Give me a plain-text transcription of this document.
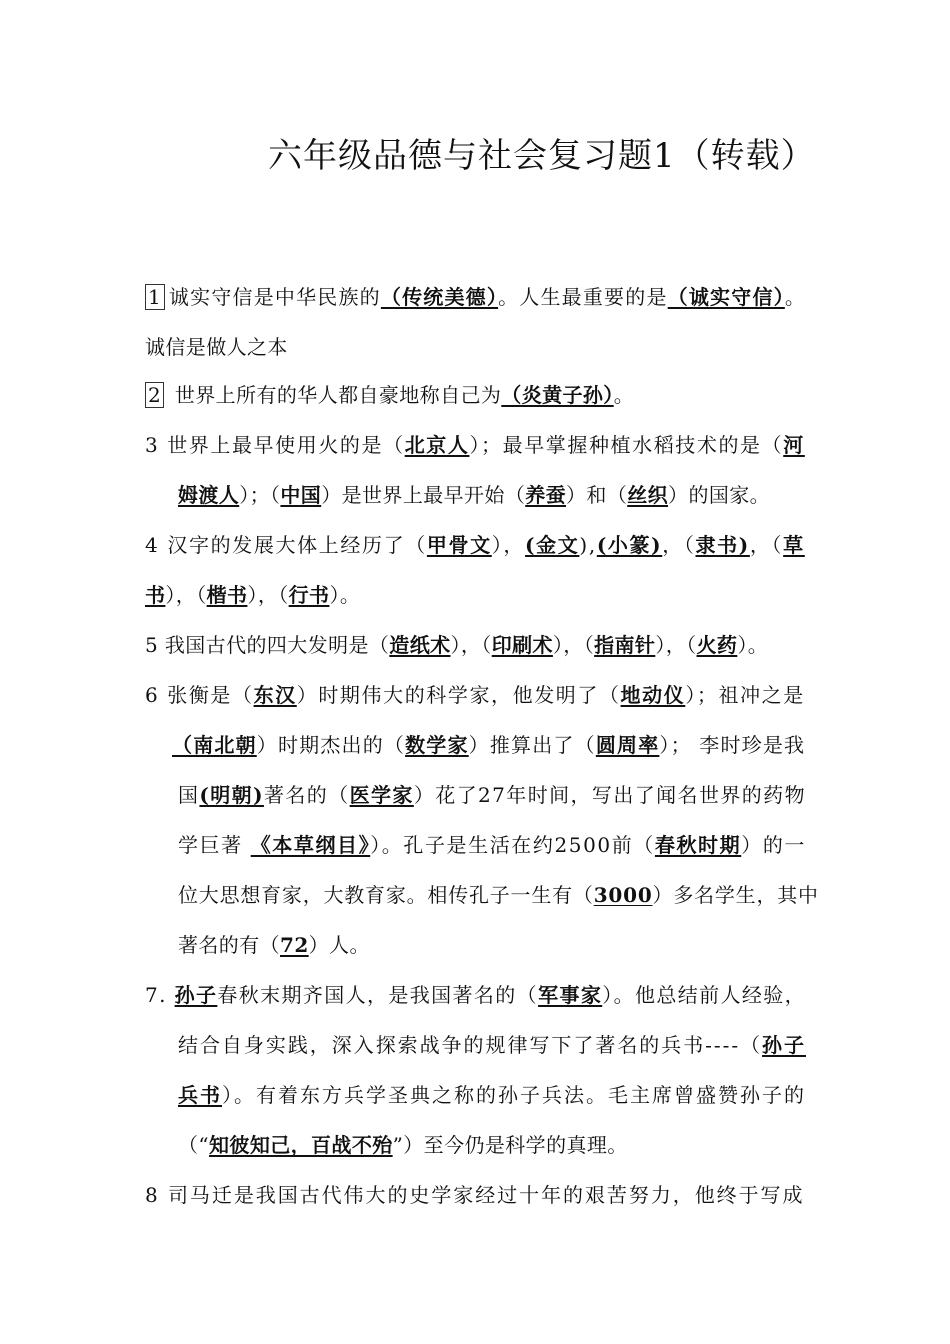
六年级品德与社会复习题1（转载）
1 诚实守信是中华民族的（传统美德）。人生最重要的是（诚实守信）。
诚信是做人之本
2 世界上所有的华人都自豪地称自己为（炎黄子孙）。
3 世界上最早使用火的是（北京人）；最早掌握种植水稻技术的是（河
姆渡人）；（中国）是世界上最早开始（养蚕）和（丝织）的国家。
4 汉字的发展大体上经历了（甲骨文），(金文),(小篆)，（隶书)，（草
书），（楷书），（行书）。
5 我国古代的四大发明是（造纸术），（印刷术），（指南针），（火药）。
6 张衡是（东汉）时期伟大的科学家，他发明了（地动仪）；祖冲之是
（南北朝）时期杰出的（数学家）推算出了（圆周率）； 李时珍是我
国(明朝)著名的（医学家）花了27年时间，写出了闻名世界的药物
学巨著 《本草纲目》）。孔子是生活在约2500前（春秋时期）的一
位大思想育家，大教育家。相传孔子一生有（3000）多名学生，其中
著名的有（72）人。
7. 孙子春秋末期齐国人，是我国著名的（军事家）。他总结前人经验，
结合自身实践，深入探索战争的规律写下了著名的兵书----（孙子
兵书）。有着东方兵学圣典之称的孙子兵法。毛主席曾盛赞孙子的
（“知彼知己，百战不殆”）至今仍是科学的真理。
8 司马迁是我国古代伟大的史学家经过十年的艰苦努力，他终于写成
